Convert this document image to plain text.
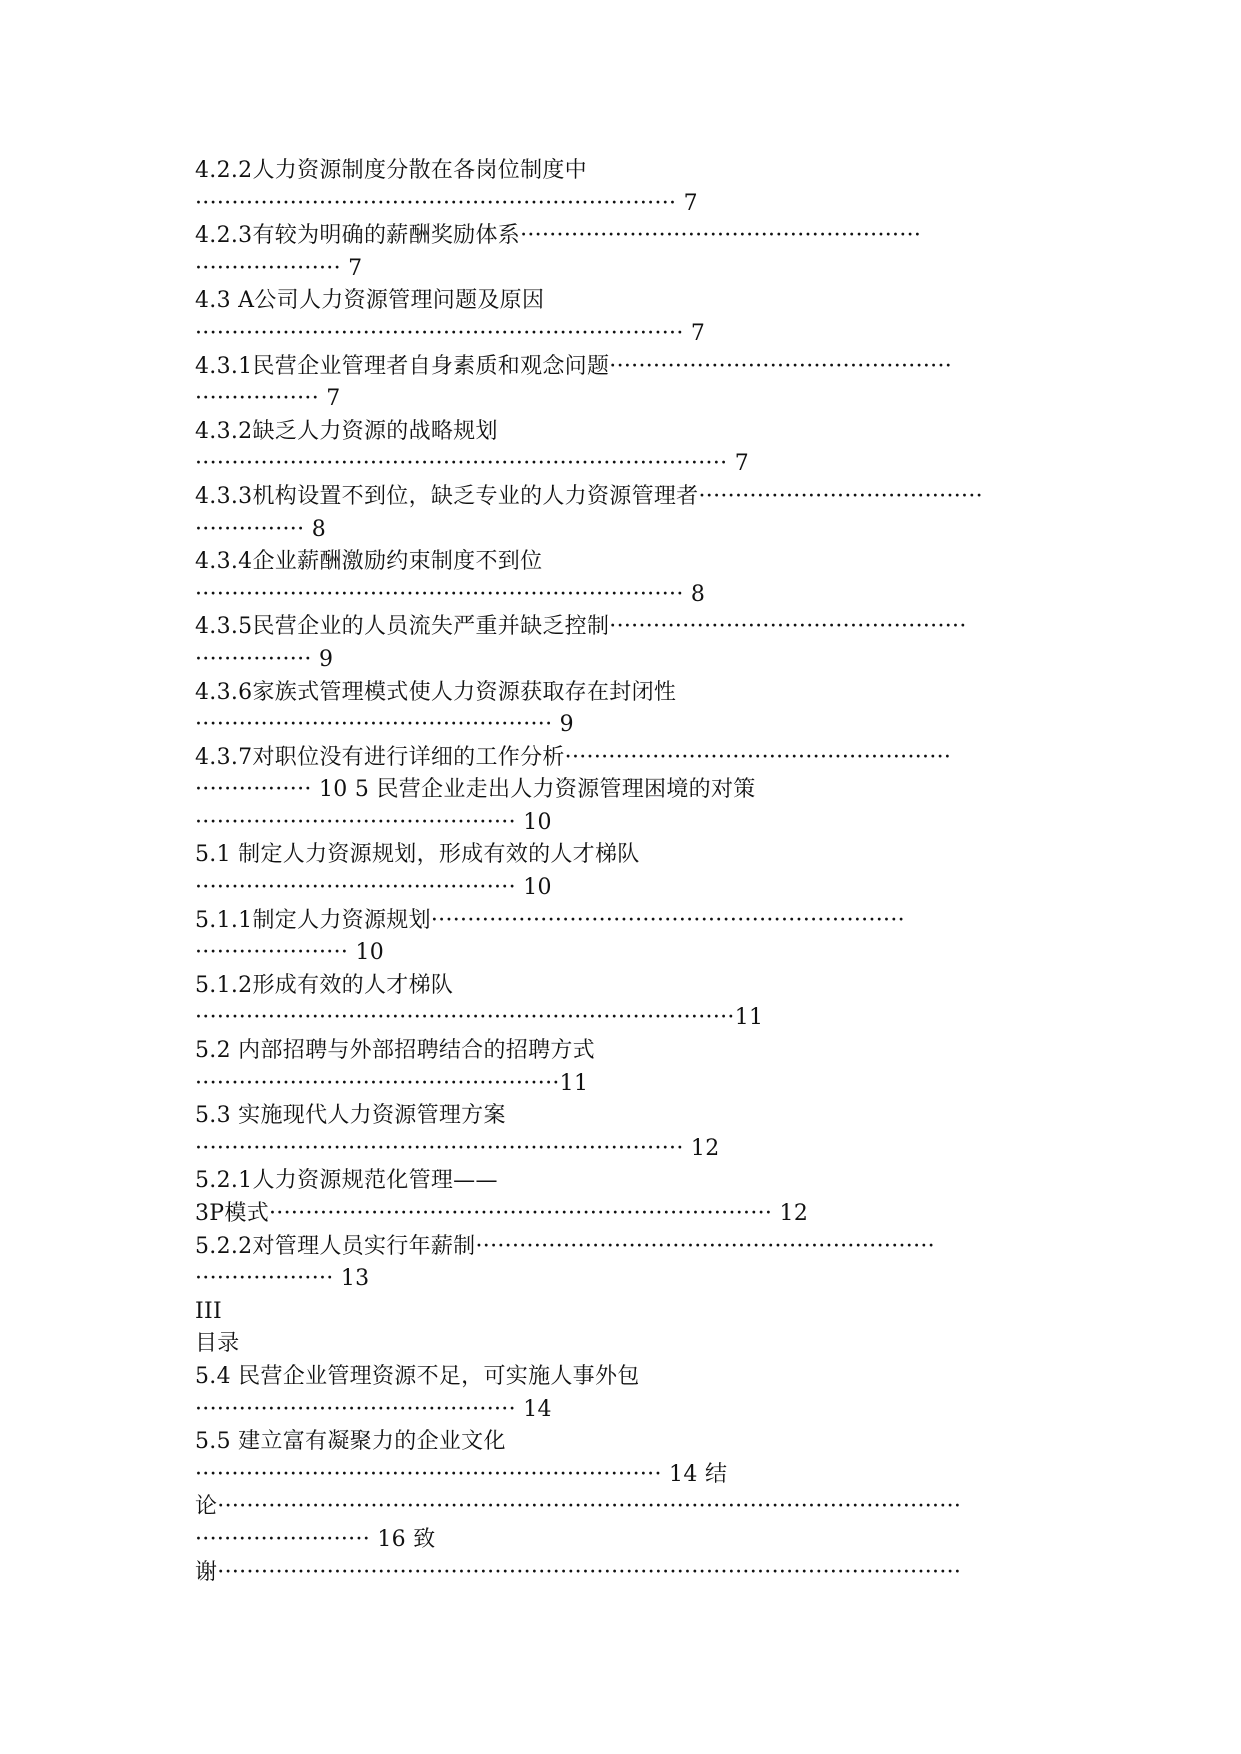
4.2.2人力资源制度分散在各岗位制度中
·································································· 7
4.2.3有较为明确的薪酬奖励体系·······················································
···················· 7
4.3 A公司人力资源管理问题及原因
··································································· 7
4.3.1民营企业管理者自身素质和观念问题···············································
················· 7
4.3.2缺乏人力资源的战略规划
········································································· 7
4.3.3机构设置不到位，缺乏专业的人力资源管理者·······································
··············· 8
4.3.4企业薪酬激励约束制度不到位
··································································· 8
4.3.5民营企业的人员流失严重并缺乏控制·················································
················ 9
4.3.6家族式管理模式使人力资源获取存在封闭性
················································· 9
4.3.7对职位没有进行详细的工作分析·····················································
················ 10 5 民营企业走出人力资源管理困境的对策
············································ 10
5.1 制定人力资源规划，形成有效的人才梯队
············································ 10
5.1.1制定人力资源规划·································································
····················· 10
5.1.2形成有效的人才梯队
··········································································11
5.2 内部招聘与外部招聘结合的招聘方式
··················································11
5.3 实施现代人力资源管理方案
··································································· 12
5.2.1人力资源规范化管理——
3P模式····································································· 12
5.2.2对管理人员实行年薪制·······························································
··················· 13
III
目录
5.4 民营企业管理资源不足，可实施人事外包
············································ 14
5.5 建立富有凝聚力的企业文化
································································ 14 结
论······································································································
························ 16 致
谢······································································································
